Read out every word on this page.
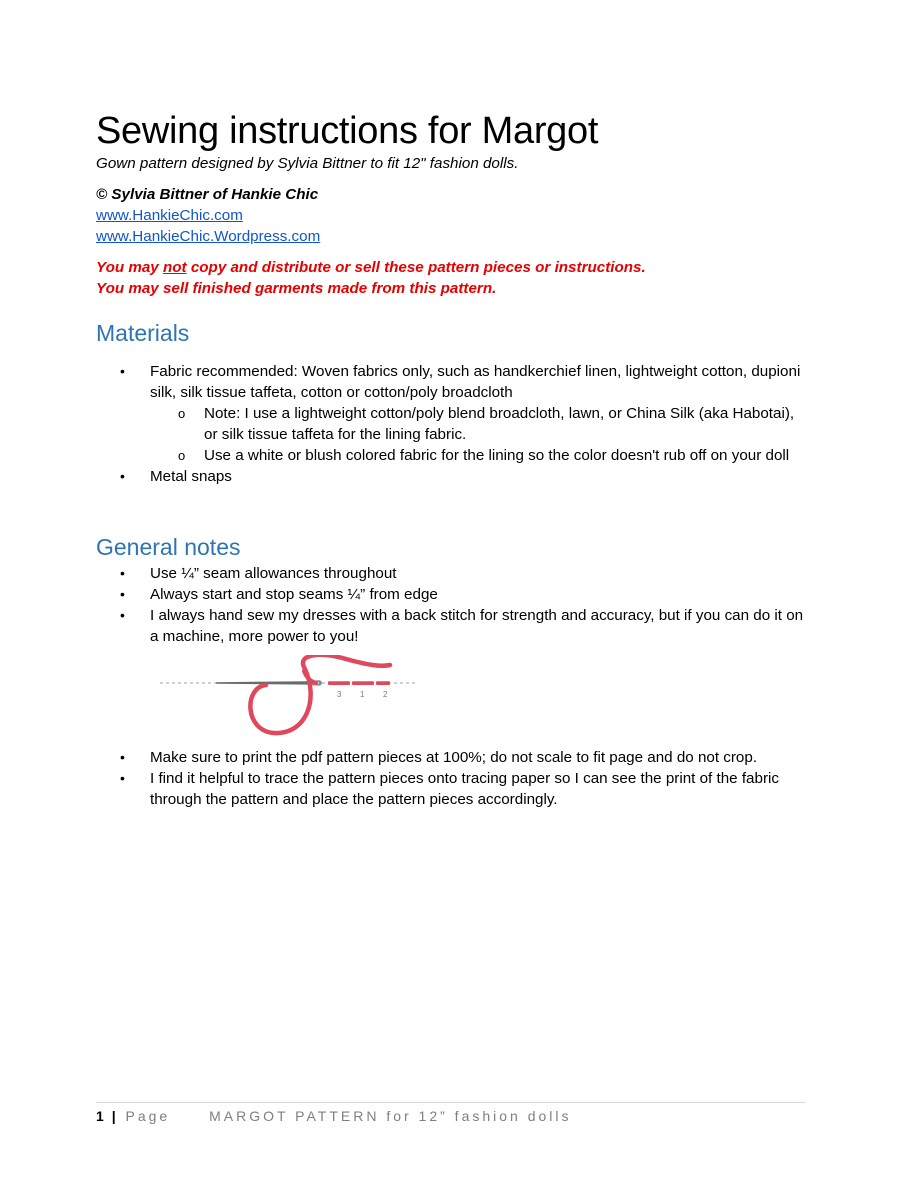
Sewing instructions for Margot

Gown pattern designed by Sylvia Bittner to fit 12" fashion dolls.

© Sylvia Bittner of Hankie Chic

www.HankieChic.com
www.HankieChic.Wordpress.com
You may not copy and distribute or sell these pattern pieces or instructions.
You may sell finished garments made from this pattern.
Materials
• Fabric recommended: Woven fabrics only, such as handkerchief linen, lightweight cotton, dupioni silk, silk tissue taffeta, cotton or cotton/poly broadcloth
o Note: I use a lightweight cotton/poly blend broadcloth, lawn, or China Silk (aka Habotai), or silk tissue taffeta for the lining fabric.
o Use a white or blush colored fabric for the lining so the color doesn't rub off on your doll
• Metal snaps
General notes
• Use ¼” seam allowances throughout
• Always start and stop seams ¼” from edge
• I always hand sew my dresses with a back stitch for strength and accuracy, but if you can do it on a machine, more power to you!
3 1 2
• Make sure to print the pdf pattern pieces at 100%; do not scale to fit page and do not crop.
• I find it helpful to trace the pattern pieces onto tracing paper so I can see the print of the fabric through the pattern and place the pattern pieces accordingly.
1 | Page	MARGOT PATTERN for 12” fashion dolls
